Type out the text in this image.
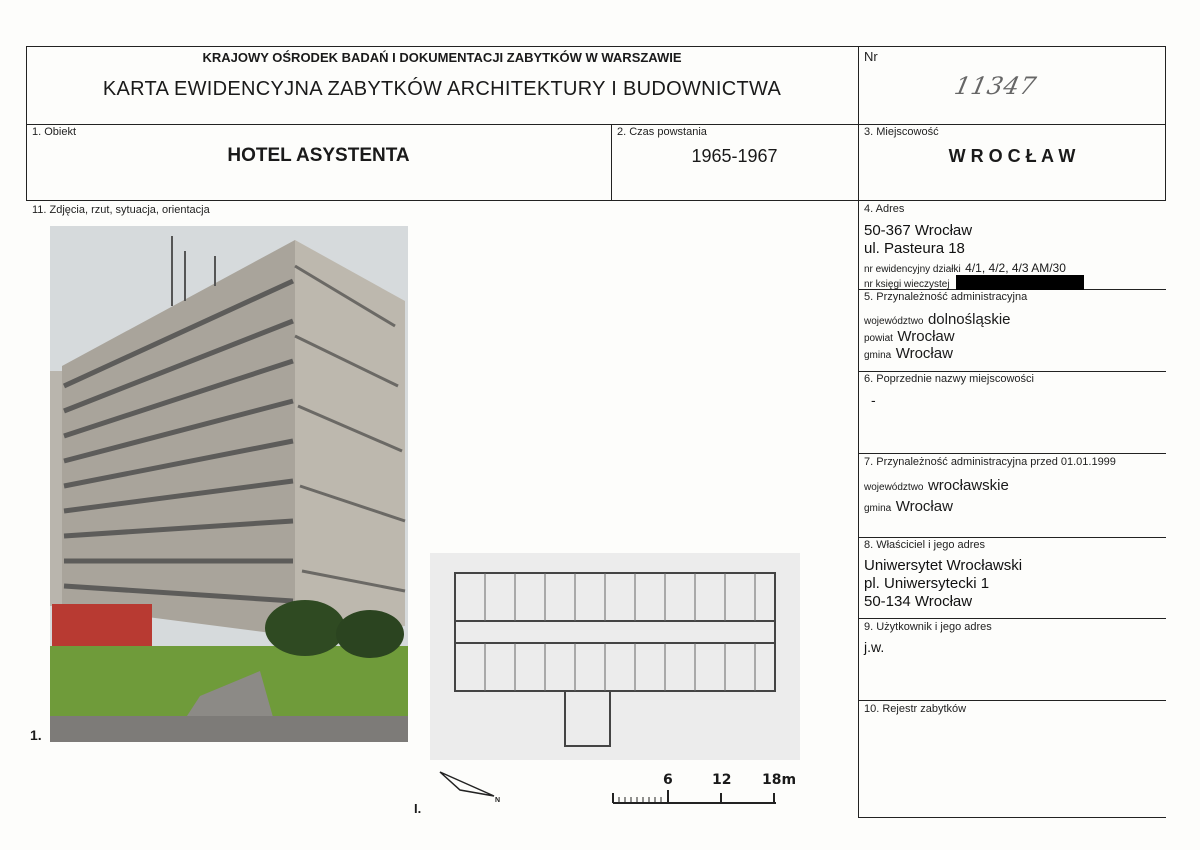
KRAJOWY OŚRODEK BADAŃ I DOKUMENTACJI ZABYTKÓW W WARSZAWIE
KARTA EWIDENCYJNA ZABYTKÓW ARCHITEKTURY I BUDOWNICTWA
Nr
11347
1. Obiekt
HOTEL ASYSTENTA
2. Czas powstania
1965-1967
3. Miejscowość
W R O C Ł A W
11. Zdjęcia, rzut, sytuacja, orientacja
1.
N
I.
6	12 18m
4. Adres
50-367 Wrocław
ul. Pasteura 18
nr ewidencyjny działki 4/1, 4/2, 4/3 AM/30
nr księgi wieczystej
5. Przynależność administracyjna
województwo dolnośląskie
powiat Wrocław
gmina Wrocław
6. Poprzednie nazwy miejscowości
-
7. Przynależność administracyjna przed 01.01.1999
województwo wrocławskie
gmina Wrocław
8. Właściciel i jego adres
Uniwersytet Wrocławski
pl. Uniwersytecki 1
50-134 Wrocław
9. Użytkownik i jego adres
j.w.
10. Rejestr zabytków
